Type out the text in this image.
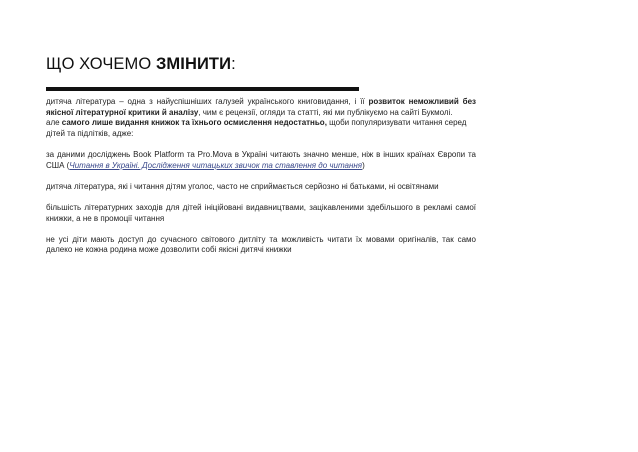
ЩО ХОЧЕМО ЗМІНИТИ:

дитяча література – одна з найуспішніших галузей українського книговидання, і її розвиток неможливий без якісної літературної критики й аналізу, чим є рецензії, огляди та статті, які ми публікуємо на сайті Букмолі.

але самого лише видання книжок та їхнього осмислення недостатньо, щоби популяризувати читання серед дітей та підлітків, адже:

за даними досліджень Book Platform та Pro.Mova в Україні читають значно менше, ніж в інших країнах Європи та США (Читання в Україні. Дослідження читацьких звичок та ставлення до читання)

дитяча література, які і читання дітям уголос, часто не сприймається серйозно ні батьками, ні освітянами

більшість літературних заходів для дітей ініційовані видавництвами, зацікавленими здебільшого в рекламі самої книжки, а не в промоції читання

не усі діти мають доступ до сучасного світового дитліту та можливість читати їх мовами оригіналів, так само далеко не кожна родина може дозволити собі якісні дитячі книжки
